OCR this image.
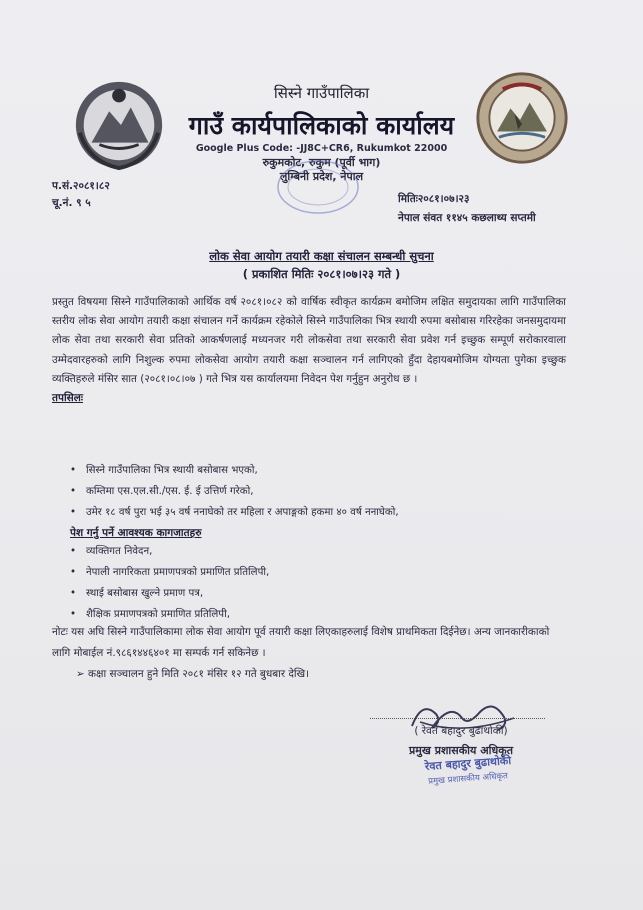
सिस्ने गाउँपालिका
गाउँ कार्यपालिकाको कार्यालय
Google Plus Code: -JJ8C+CR6, Rukumkot 22000
रुकुमकोट, रुकुम (पूर्वी भाग)
लुम्बिनी प्रदेश, नेपाल
प.सं.२०८१।८२
चू.नं. ९ ५	मितिः२०८१।०७।२३
नेपाल संवत ११४५ कछलाथ्य सप्तमी
लोक सेवा आयोग तयारी कक्षा संचालन सम्बन्धी सुचना
( प्रकाशित मितिः २०८१।०७।२३ गते )
प्रस्तुत विषयमा सिस्ने गाउँपालिकाको आर्थिक वर्ष २०८१।०८२ को वार्षिक स्वीकृत कार्यक्रम बमोजिम लक्षित समुदायका लागि गाउँपालिका स्तरीय लोक सेवा आयोग तयारी कक्षा संचालन गर्ने कार्यक्रम रहेकोले सिस्ने गाउँपालिका भित्र स्थायी रुपमा बसोबास गरिरहेका जनसमुदायमा लोक सेवा तथा सरकारी सेवा प्रतिको आकर्षणलाई मध्यनजर गरी लोकसेवा तथा सरकारी सेवा प्रवेश गर्न इच्छुक सम्पूर्ण सरोकारवाला उम्मेदवारहरुको लागि निशुल्क रुपमा लोकसेवा आयोग तयारी कक्षा सञ्चालन गर्न लागिएको हुँदा देहायबमोजिम योग्यता पुगेका इच्छुक व्यक्तिहरुले मंसिर सात (२०८१।०८।०७ ) गते भित्र यस कार्यालयमा निवेदन पेश गर्नुहुन अनुरोध छ ।
तपसिलः
• सिस्ने गाउँपालिका भित्र स्थायी बसोबास भएको,
• कम्तिमा एस.एल.सी./एस. ई. ई उत्तिर्ण गरेको,
• उमेर १८ वर्ष पुरा भई ३५ वर्ष ननाघेको तर महिला र अपाङ्गको हकमा ४० वर्ष ननाघेको,
पेश गर्नु पर्ने आवश्यक कागजातहरु
• व्यक्तिगत निवेदन,
• नेपाली नागरिकता प्रमाणपत्रको प्रमाणित प्रतिलिपी,
• स्थाई बसोबास खुल्ने प्रमाण पत्र,
• शैक्षिक प्रमाणपत्रको प्रमाणित प्रतिलिपी,
नोटः यस अघि सिस्ने गाउँपालिकामा लोक सेवा आयोग पूर्व तयारी कक्षा लिएकाहरुलाई विशेष प्राथमिकता दिईनेछ। अन्य जानकारीकाको लागि मोबाईल नं.९८६१४४६४०१ मा सम्पर्क गर्न सकिनेछ ।
➢ कक्षा सञ्चालन हुने मिति २०८१ मंसिर १२ गते बुधबार देखि।
( रेवत बहादुर बुढाथोकी)
प्रमुख प्रशासकीय अधिकृत
रेवत बहादुर बुढाथोकी
प्रमुख प्रशासकीय अधिकृत
